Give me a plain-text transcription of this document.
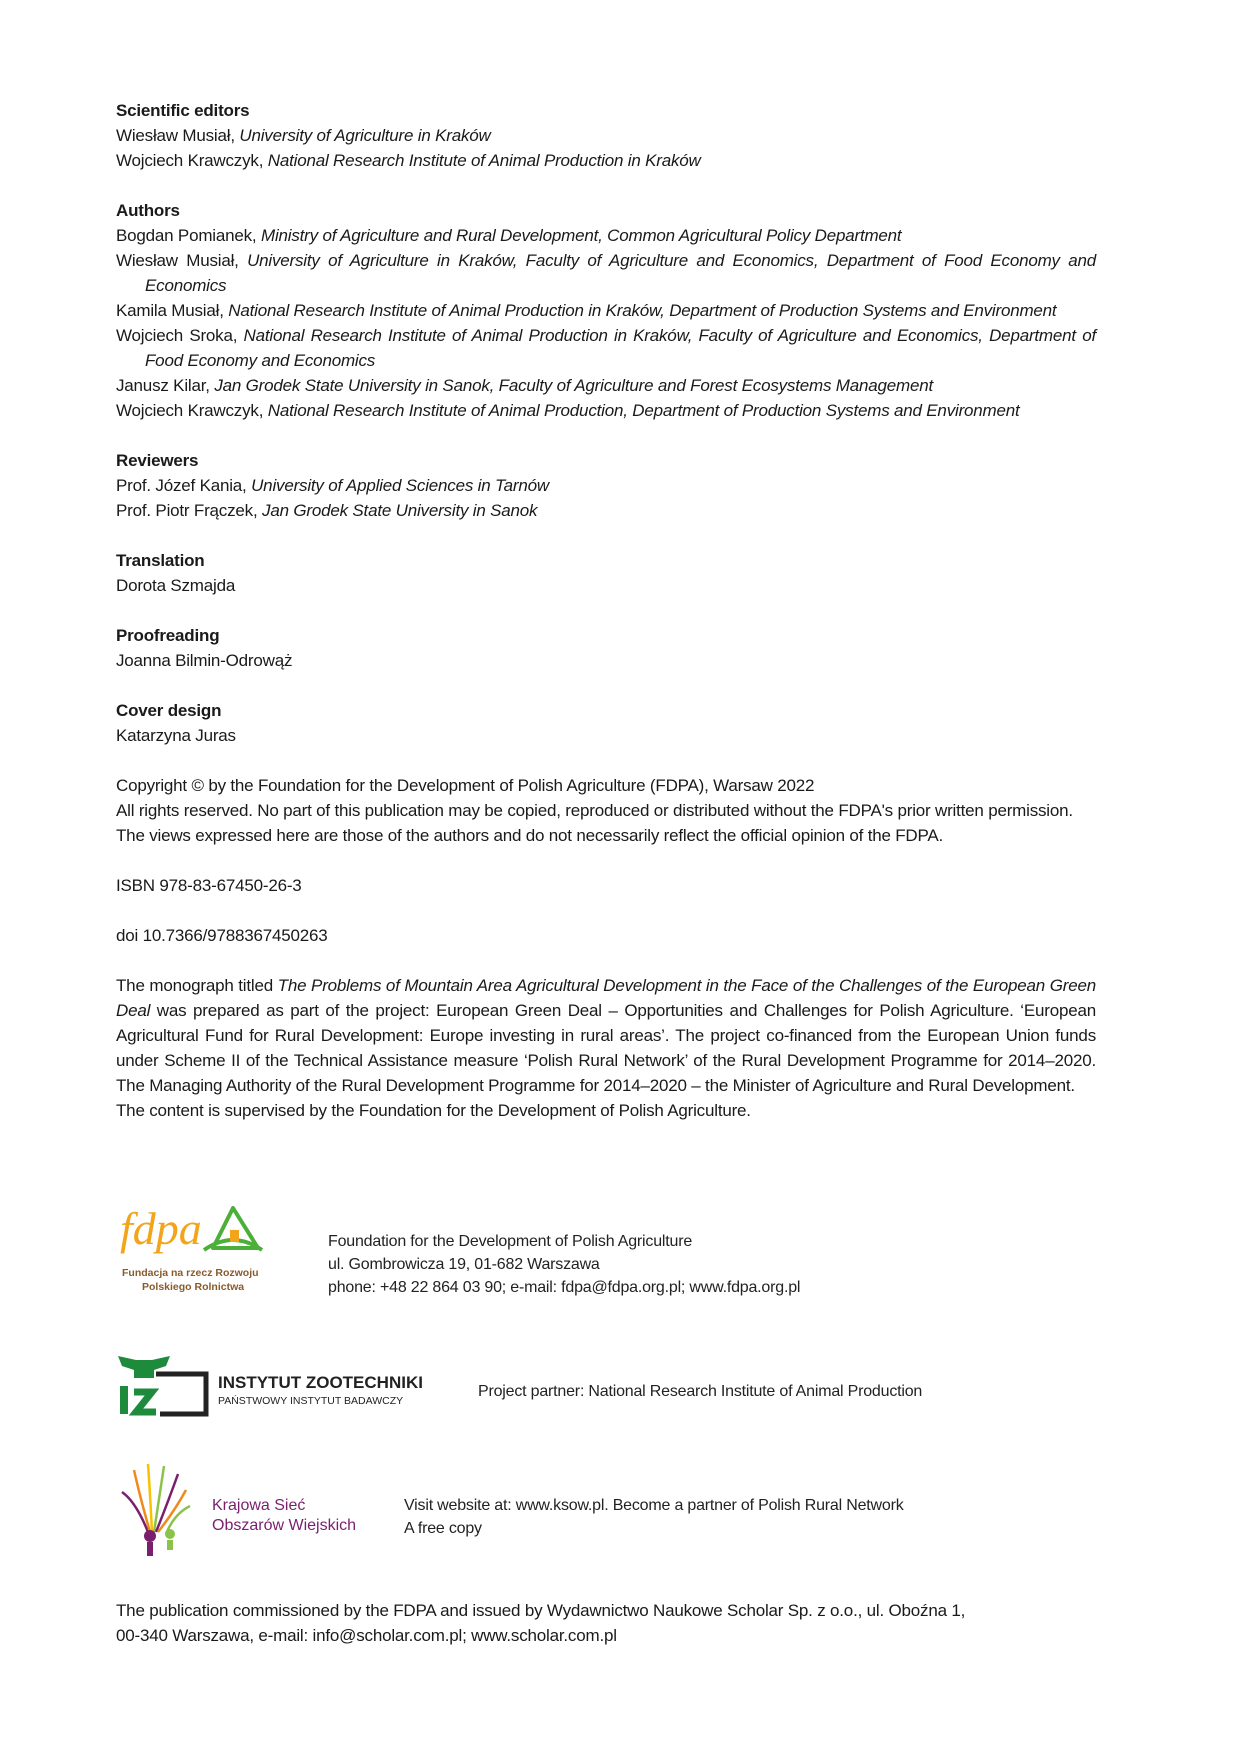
Scientific editors
Wiesław Musiał, University of Agriculture in Kraków
Wojciech Krawczyk, National Research Institute of Animal Production in Kraków
Authors
Bogdan Pomianek, Ministry of Agriculture and Rural Development, Common Agricultural Policy Department
Wiesław Musiał, University of Agriculture in Kraków, Faculty of Agriculture and Economics, Department of Food Economy and Economics
Kamila Musiał, National Research Institute of Animal Production in Kraków, Department of Production Systems and Environment
Wojciech Sroka, National Research Institute of Animal Production in Kraków, Faculty of Agriculture and Economics, Department of Food Economy and Economics
Janusz Kilar, Jan Grodek State University in Sanok, Faculty of Agriculture and Forest Ecosystems Management
Wojciech Krawczyk, National Research Institute of Animal Production, Department of Production Systems and Environment
Reviewers
Prof. Józef Kania, University of Applied Sciences in Tarnów
Prof. Piotr Frączek, Jan Grodek State University in Sanok
Translation
Dorota Szmajda
Proofreading
Joanna Bilmin-Odrowąż
Cover design
Katarzyna Juras
Copyright © by the Foundation for the Development of Polish Agriculture (FDPA), Warsaw 2022
All rights reserved. No part of this publication may be copied, reproduced or distributed without the FDPA's prior written permission.
The views expressed here are those of the authors and do not necessarily reflect the official opinion of the FDPA.
ISBN 978-83-67450-26-3
doi 10.7366/9788367450263

The monograph titled The Problems of Mountain Area Agricultural Development in the Face of the Challenges of the European Green Deal was prepared as part of the project: European Green Deal – Opportunities and Challenges for Polish Agriculture. ‘European Agricultural Fund for Rural Development: Europe investing in rural areas’. The project co-financed from the European Union funds under Scheme II of the Technical Assistance measure ‘Polish Rural Network’ of the Rural Development Programme for 2014–2020. The Managing Authority of the Rural Development Programme for 2014–2020 – the Minister of Agriculture and Rural Development.

The content is supervised by the Foundation for the Development of Polish Agriculture.

fdpa
Fundacja na rzecz Rozwoju
Polskiego Rolnictwa
Foundation for the Development of Polish Agriculture
ul. Gombrowicza 19, 01-682 Warszawa
phone: +48 22 864 03 90; e-mail: fdpa@fdpa.org.pl; www.fdpa.org.pl
INSTYTUT ZOOTECHNIKI
PAŃSTWOWY INSTYTUT BADAWCZY
Project partner: National Research Institute of Animal Production
Krajowa Sieć
Obszarów Wiejskich
Visit website at: www.ksow.pl. Become a partner of Polish Rural Network
A free copy
The publication commissioned by the FDPA and issued by Wydawnictwo Naukowe Scholar Sp. z o.o., ul. Oboźna 1,
00-340 Warszawa, e-mail: info@scholar.com.pl; www.scholar.com.pl
